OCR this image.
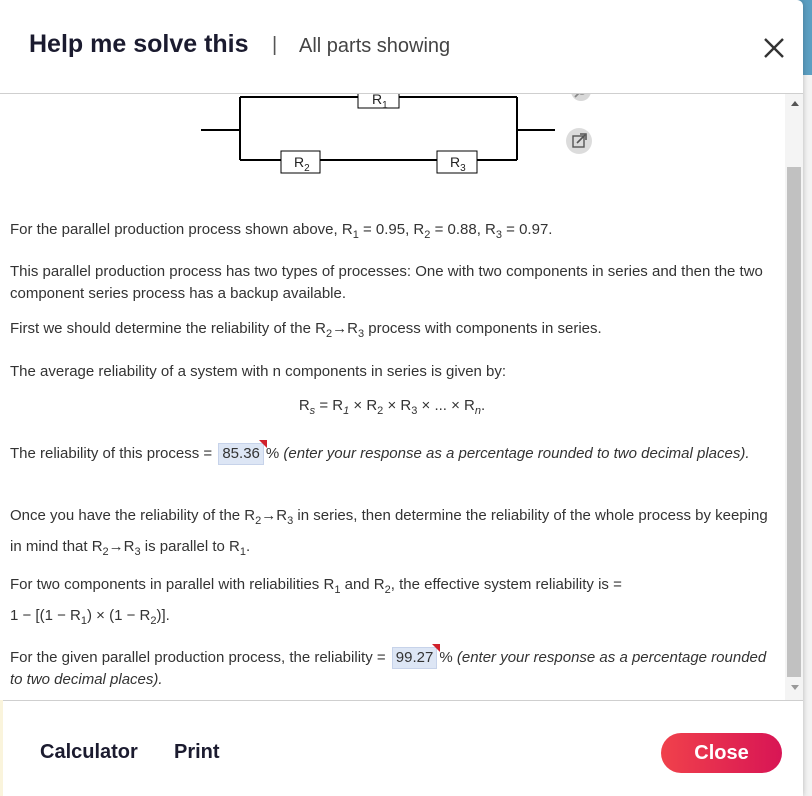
Help me solve this | All parts showing
$R_1$
$R_2$	$R_3$
For the parallel production process shown above, $R_1 = 0.95$, $R_2 = 0.88$, $R_3 = 0.97$.
This parallel production process has two types of processes: One with two components in series and then the two component series process has a backup available.
First we should determine the reliability of the $R_2\to R_3$ process with components in series.
The average reliability of a system with n components in series is given by:
$R_s = R_1 \times R_2 \times R_3$ × ... × $R_n$.
The reliability of this process = 85.36 % (enter your response as a percentage rounded to two decimal places).
Once you have the reliability of the $R_2\to R_3$ in series, then determine the reliability of the whole process by keeping in mind that $R_2\to R_3$ is parallel to $R_1$.
For two components in parallel with reliabilities $R_1$ and $R_2$, the effective system reliability is =
$1 - [(1 - R_1) \times (1 - R_2)]$.
For the given parallel production process, the reliability = 99.27 % (enter your response as a percentage rounded to two decimal places).
Calculator Print	Close
